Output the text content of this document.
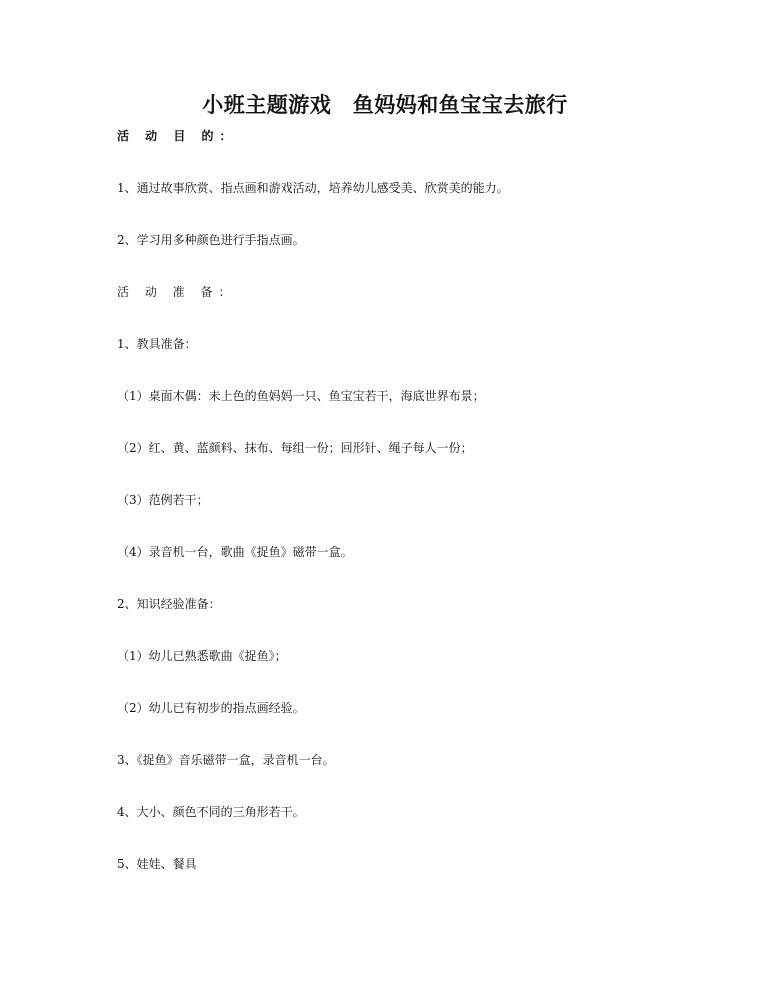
小班主题游戏　鱼妈妈和鱼宝宝去旅行
活 动 目 的：
1、通过故事欣赏、指点画和游戏活动，培养幼儿感受美、欣赏美的能力。
2、学习用多种颜色进行手指点画。
活 动 准 备：
1、教具准备：
（1）桌面木偶：未上色的鱼妈妈一只、鱼宝宝若干，海底世界布景；
（2）红、黄、蓝颜料、抹布、每组一份；回形针、绳子每人一份；
（3）范例若干；
（4）录音机一台，歌曲《捉鱼》磁带一盒。
2、知识经验准备：
（1）幼儿已熟悉歌曲《捉鱼》；
（2）幼儿已有初步的指点画经验。
3、《捉鱼》音乐磁带一盒，录音机一台。
4、大小、颜色不同的三角形若干。
5、娃娃、餐具
